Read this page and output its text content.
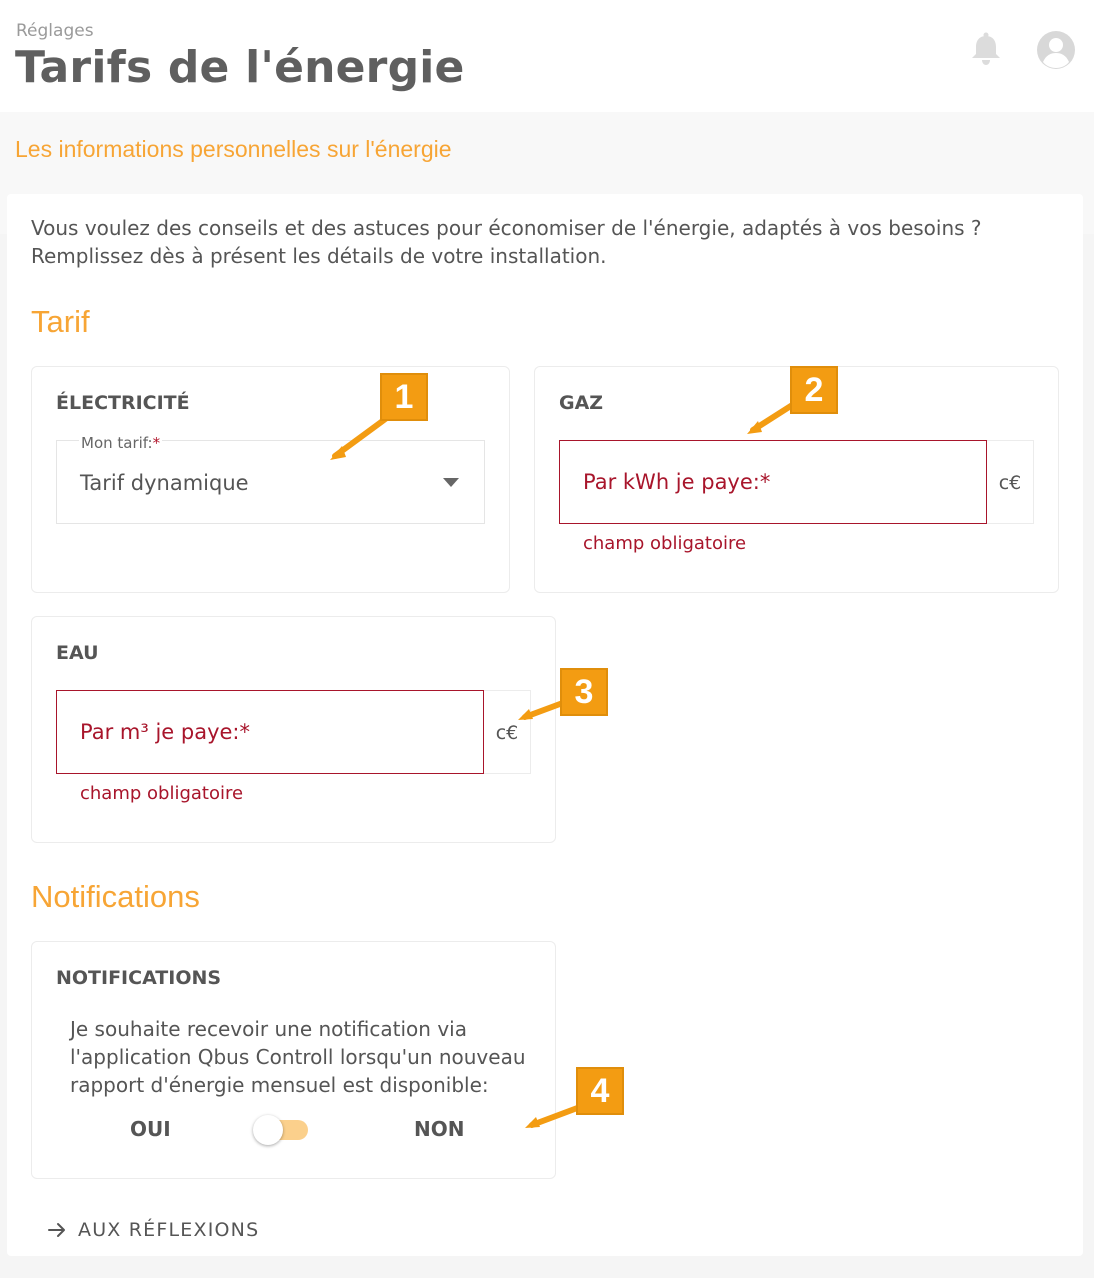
Réglages
Tarifs de l'énergie
Les informations personnelles sur l'énergie
Vous voulez des conseils et des astuces pour économiser de l'énergie, adaptés à vos besoins ? Remplissez dès à présent les détails de votre installation.
Tarif
ÉLECTRICITÉ
Mon tarif:*
Tarif dynamique
GAZ
Par kWh je paye:*	c€
champ obligatoire
EAU
Par m³ je paye:*	c€
champ obligatoire
Notifications
NOTIFICATIONS
Je souhaite recevoir une notification via l'application Qbus Controll lorsqu'un nouveau rapport d'énergie mensuel est disponible:
OUI	NON
AUX RÉFLEXIONS
1	2
3
4
